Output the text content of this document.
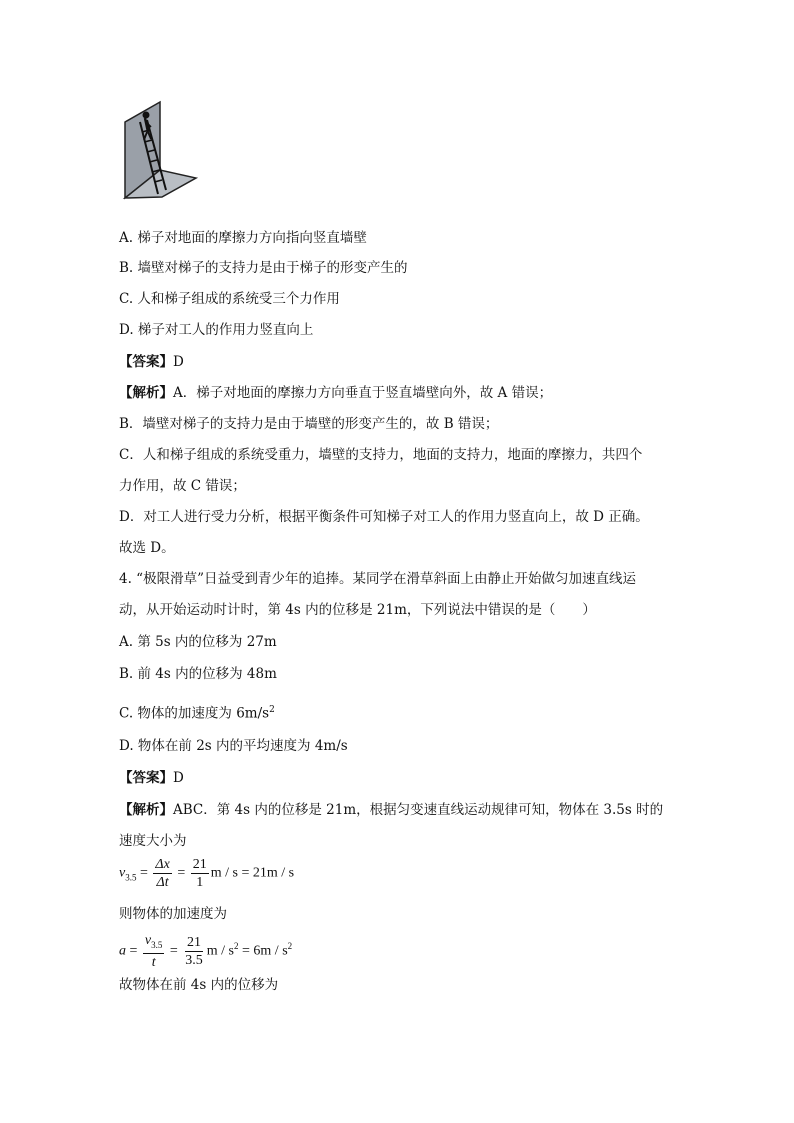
A. 梯子对地面的摩擦力方向指向竖直墙壁
B. 墙壁对梯子的支持力是由于梯子的形变产生的
C. 人和梯子组成的系统受三个力作用
D. 梯子对工人的作用力竖直向上
【答案】D
【解析】A．梯子对地面的摩擦力方向垂直于竖直墙壁向外，故 A 错误；
B．墙壁对梯子的支持力是由于墙壁的形变产生的，故 B 错误；
C．人和梯子组成的系统受重力，墙壁的支持力，地面的支持力，地面的摩擦力，共四个
力作用，故 C 错误；
D．对工人进行受力分析，根据平衡条件可知梯子对工人的作用力竖直向上，故 D 正确。
故选 D。
4. “极限滑草”日益受到青少年的追捧。某同学在滑草斜面上由静止开始做匀加速直线运
动，从开始运动时计时，第 4s 内的位移是 21m，下列说法中错误的是（　　）
A. 第 5s 内的位移为 27m
B. 前 4s 内的位移为 48m
C. 物体的加速度为 $6m/s^2$
D. 物体在前 2s 内的平均速度为 4m/s
【答案】D
【解析】ABC．第 4s 内的位移是 21m，根据匀变速直线运动规律可知，物体在 3.5s 时的
速度大小为
$v_{3.5} = \frac{\Delta x}{\Delta t} = \frac{21}{1}$ m / s = 21m / s
则物体的加速度为
$a = \frac{v_{3.5}}{t} = \frac{21}{3.5}$ $m / s^2 = 6m / s^2$
故物体在前 4s 内的位移为
